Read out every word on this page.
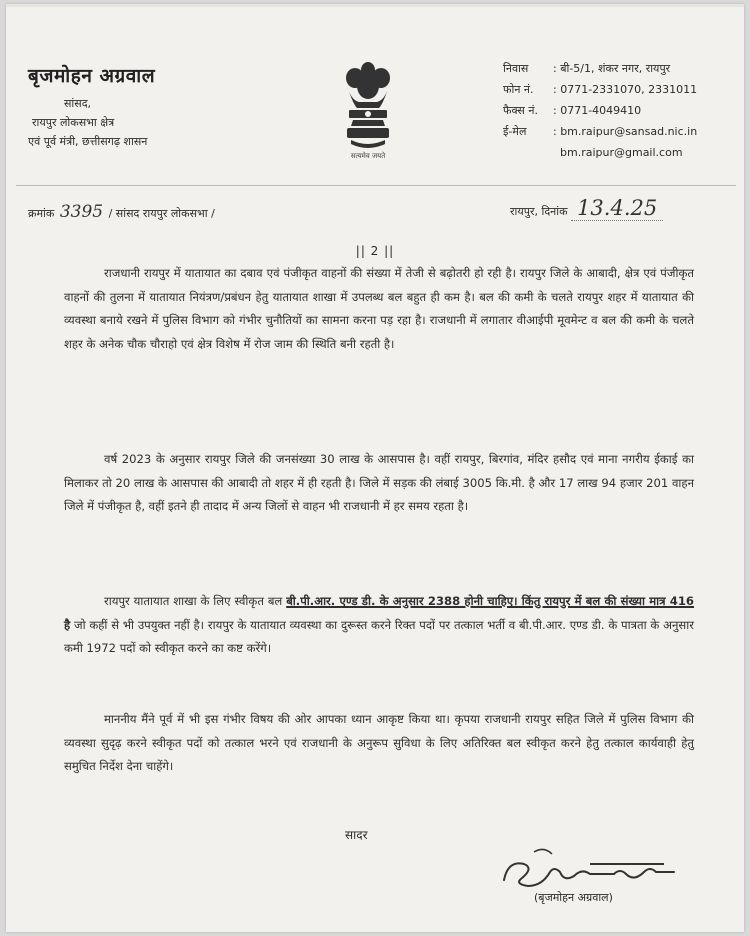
बृजमोहन अग्रवाल
सांसद,
रायपुर लोकसभा क्षेत्र
एवं पूर्व मंत्री, छत्तीसगढ़ शासन
सत्यमेव जयते
निवास : बी-5/1, शंकर नगर, रायपुर
फोन नं. : 0771-2331070, 2331011
फैक्स नं. : 0771-4049410
ई-मेल : bm.raipur@sansad.nic.in
bm.raipur@gmail.com
क्रमांक 3395 / सांसद रायपुर लोकसभा /	रायपुर, दिनांक 13.4.25
|| 2 ||
राजधानी रायपुर में यातायात का दबाव एवं पंजीकृत वाहनों की संख्या में तेजी से बढ़ोतरी हो रही है। रायपुर जिले के आबादी, क्षेत्र एवं पंजीकृत वाहनों की तुलना में यातायात नियंत्रण/प्रबंधन हेतु यातायात शाखा में उपलब्ध बल बहुत ही कम है। बल की कमी के चलते रायपुर शहर में यातायात की व्यवस्था बनाये रखने में पुलिस विभाग को गंभीर चुनौतियों का सामना करना पड़ रहा है। राजधानी में लगातार वीआईपी मूवमेन्ट व बल की कमी के चलते शहर के अनेक चौक चौराहो एवं क्षेत्र विशेष में रोज जाम की स्थिति बनी रहती है।
वर्ष 2023 के अनुसार रायपुर जिले की जनसंख्या 30 लाख के आसपास है। वहीं रायपुर, बिरगांव, मंदिर हसौद एवं माना नगरीय ईकाई का मिलाकर तो 20 लाख के आसपास की आबादी तो शहर में ही रहती है। जिले में सड़क की लंबाई 3005 कि.मी. है और 17 लाख 94 हजार 201 वाहन जिले में पंजीकृत है, वहीं इतने ही तादाद में अन्य जिलों से वाहन भी राजधानी में हर समय रहता है।
रायपुर यातायात शाखा के लिए स्वीकृत बल बी.पी.आर. एण्ड डी. के अनुसार 2388 होनी चाहिए। किंतु रायपुर में बल की संख्या मात्र 416 है जो कहीं से भी उपयुक्त नहीं है। रायपुर के यातायात व्यवस्था का दुरूस्त करने रिक्त पदों पर तत्काल भर्ती व बी.पी.आर. एण्ड डी. के पात्रता के अनुसार कमी 1972 पदों को स्वीकृत करने का कष्ट करेंगे।
माननीय मैंने पूर्व में भी इस गंभीर विषय की ओर आपका ध्यान आकृष्ट किया था। कृपया राजधानी रायपुर सहित जिले में पुलिस विभाग की व्यवस्था सुदृढ़ करने स्वीकृत पदों को तत्काल भरने एवं राजधानी के अनुरूप सुविधा के लिए अतिरिक्त बल स्वीकृत करने हेतु तत्काल कार्यवाही हेतु समुचित निर्देश देना चाहेंगे।
सादर
(बृजमोहन अग्रवाल)
